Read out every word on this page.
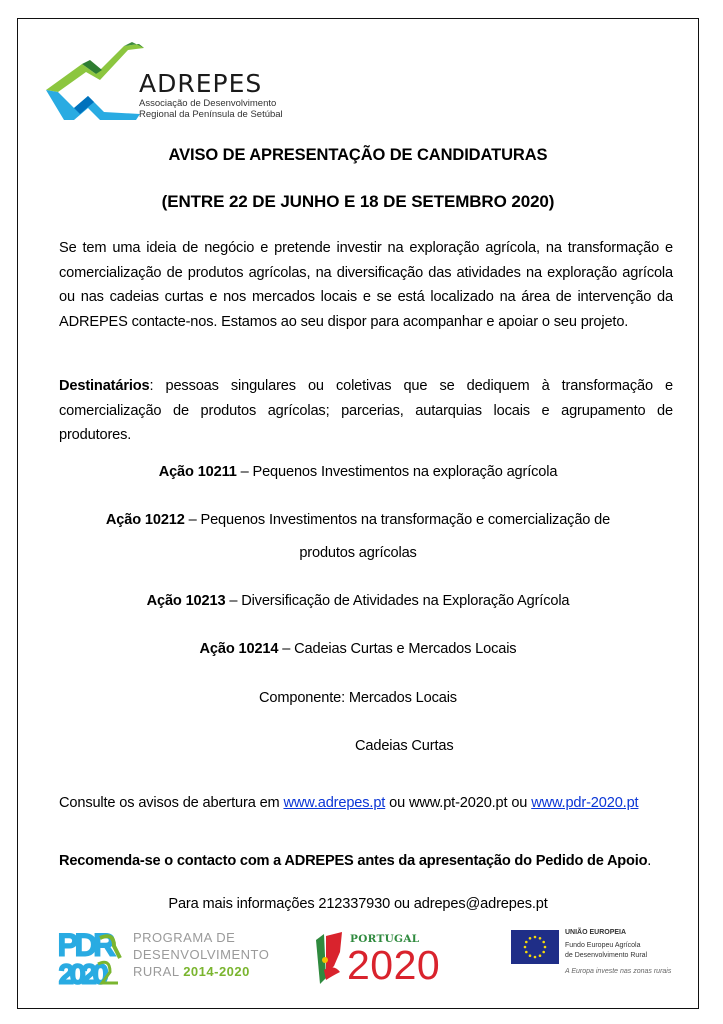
ADREPES
Associação de Desenvolvimento
Regional da Península de Setúbal
AVISO DE APRESENTAÇÃO DE CANDIDATURAS
(ENTRE 22 DE JUNHO E 18 DE SETEMBRO 2020)
Se tem uma ideia de negócio e pretende investir na exploração agrícola, na transformação e comercialização de produtos agrícolas, na diversificação das atividades na exploração agrícola ou nas cadeias curtas e nos mercados locais e se está localizado na área de intervenção da ADREPES contacte-nos. Estamos ao seu dispor para acompanhar e apoiar o seu projeto.
Destinatários: pessoas singulares ou coletivas que se dediquem à transformação e comercialização de produtos agrícolas; parcerias, autarquias locais e agrupamento de produtores.
Ação 10211 – Pequenos Investimentos na exploração agrícola
Ação 10212 – Pequenos Investimentos na transformação e comercialização de
produtos agrícolas
Ação 10213 – Diversificação de Atividades na Exploração Agrícola
Ação 10214 – Cadeias Curtas e Mercados Locais
Componente: Mercados Locais
Cadeias Curtas
Consulte os avisos de abertura em www.adrepes.pt ou www.pt-2020.pt ou www.pdr-2020.pt
Recomenda-se o contacto com a ADREPES antes da apresentação do Pedido de Apoio.
Para mais informações 212337930 ou adrepes@adrepes.pt
PDR
2020
PROGRAMA DE
DESENVOLVIMENTO
RURAL 2014-2020
PORTUGAL
2020
UNIÃO EUROPEIA
Fundo Europeu Agrícola
de Desenvolvimento Rural
A Europa investe nas zonas rurais
